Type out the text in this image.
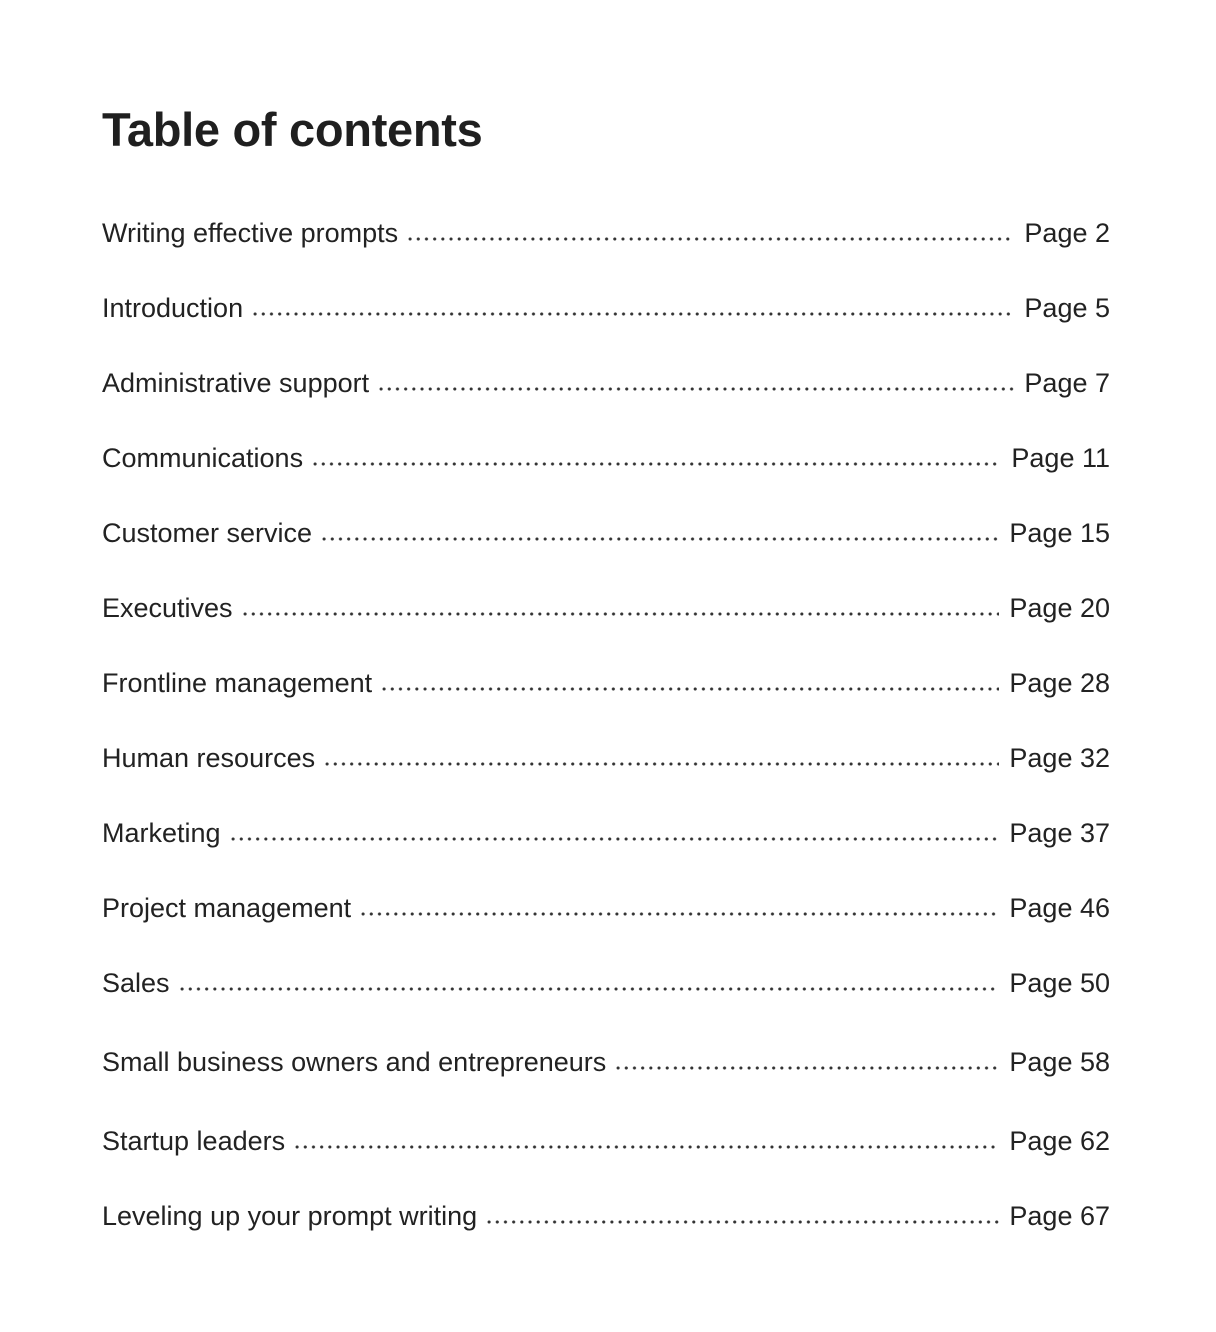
Table of contents
Writing effective prompts	Page 2
Introduction	Page 5
Administrative support	Page 7
Communications	Page 11
Customer service	Page 15
Executives	Page 20
Frontline management	Page 28
Human resources	Page 32
Marketing	Page 37
Project management	Page 46
Sales	Page 50
Small business owners and entrepreneurs	Page 58
Startup leaders	Page 62
Leveling up your prompt writing	Page 67
